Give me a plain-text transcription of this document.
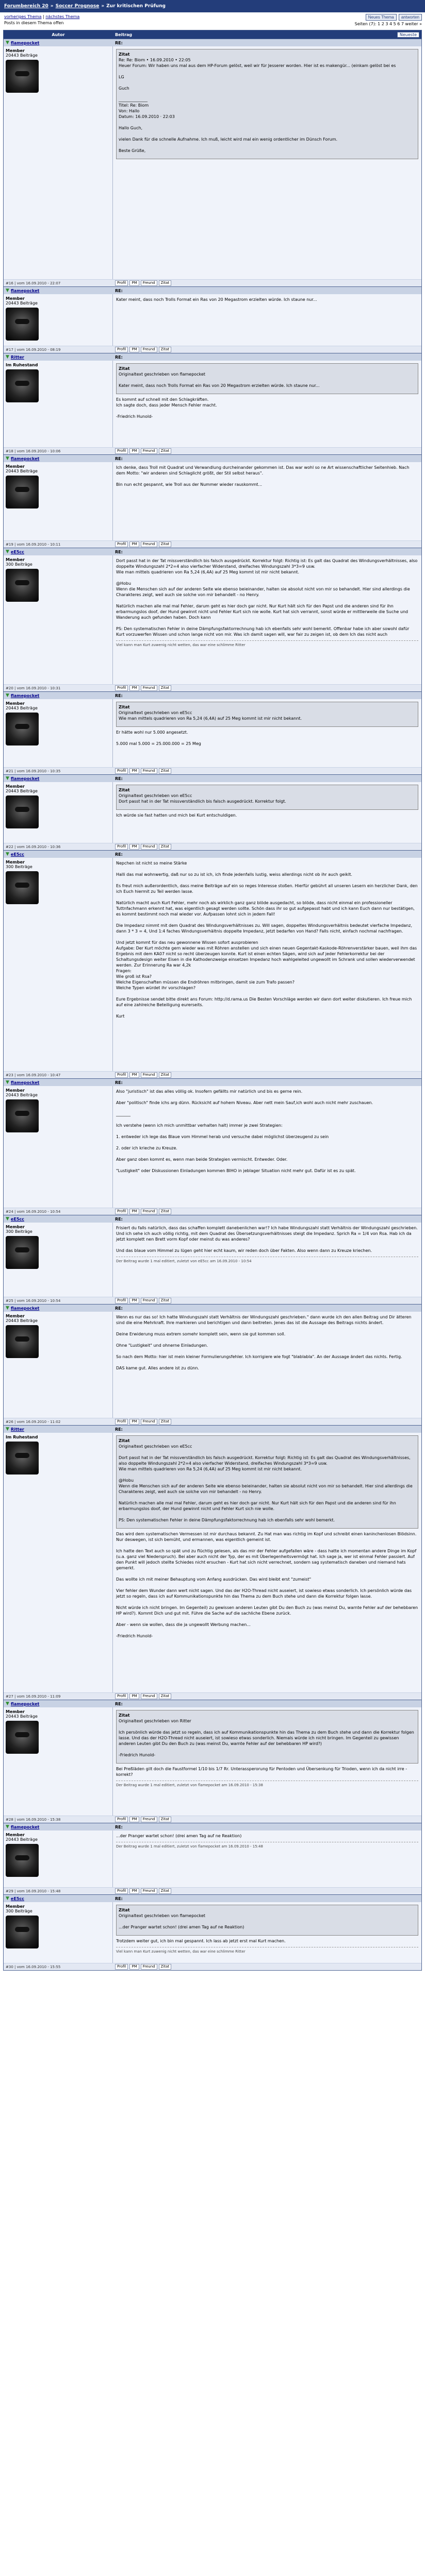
Forumbereich 20 » Soccer Prognose » Zur kritischen Prüfung
vorheriges Thema | nächstes Thema
Posts in diesem Thema offen
Neues Thema	antworten
Seiten (7): 1 2 3 4 5 6 7 weiter »
Autor	Beitrag	Neueste
▼ flamepocket	RE:
Member
20443 Beiträge	Zitat
Re: Re: Biom • 16.09.2010 • 22:05
Heuer Forum: Wir haben uns mal aus dem HP-Forum gelöst, weil wir für Jesserer worden. Hier ist es makengür... (einkam gelöst bei es

LG

Guch

______________
Titel: Re: Biom
Von: Hallo
Datum: 16.09.2010 · 22:03

Hallo Guch,

vielen Dank für die schnelle Aufnahme. Ich muß, leicht wird mal ein wenig ordentlicher im Dünsch Forum.

Beste Grüße,
#16 | vom 16.09.2010 - 22:07	Profil	PM	Freund	Zitat
▼ flamepocket	RE:
Member
20443 Beiträge
Kater meint, dass noch Trolls Format ein Ras von 20 Megastrom erzielten würde. Ich staune nur...
#17 | vom 16.09.2010 - 08:19	Profil	PM	Freund	Zitat
▼ Ritter	RE:
Im Ruhestand
Zitat
Originaltext geschrieben von flamepocket

Kater meint, dass noch Trolls Format ein Ras von 20 Megastrom erzielten würde. Ich staune nur...
Es kommt auf schnell mit den Schlagkräften.
Ich sagte doch, dass jeder Mensch Fehler macht.

-Friedrich Hunold-
#18 | vom 16.09.2010 - 10:06	Profil	PM	Freund	Zitat
▼ flamepocket	RE:
Member
20443 Beiträge
Ich denke, dass Troll mit Quadrat und Verwandlung durcheinander gekommen ist. Das war wohl so ne Art wissenschaftlicher Seitenhieb. Nach dem Motto: "wir anderen sind Schlaglicht größt, der Stil selbst heraus".

Bin nun echt gespannt, wie Troll aus der Nummer wieder rauskommt...
#19 | vom 16.09.2010 - 10:11	Profil	PM	Freund	Zitat
▼ eE5cc	RE:
Member
300 Beiträge
Dort passt hat in der Tat missverständlich bis falsch ausgedrückt. Korrektur folgt: Richtig ist: Es galt das Quadrat des Windungsverhältnisses, also doppelte Windungszahl 2*2=4 also vierfacher Widerstand, dreifaches Windungszahl 3*3=9 usw.
Wie man mittels quadrieren von Ra 5,24 (6,4A) auf 25 Meg kommt ist mir nicht bekannt.

@Hobu
Wenn die Menschen sich auf der anderen Seite wie ebenso beieinander, halten sie absolut nicht von mir so behandelt. Hier sind allerdings die Charakteres zeigt, weil auch sie solche von mir behandelt - no Henry.

Natürlich machen alle mal mal Fehler, darum geht es hier doch gar nicht. Nur Kurt hält sich für den Papst und die anderen sind für ihn erbarmungslos doof, der Hund gewinnt nicht und Fehler Kurt sich nie wolle. Kurt hat sich verrannt, sonst würde er mittlerweile die Suche und Wanderung auch gefunden haben. Doch kann

PS: Den systematischen Fehler in deine Dämpfungsfaktorrechnung hab ich ebenfalls sehr wohl bemerkt. Offenbar habe ich aber sowohl dafür Kurt vorzuwerfen Wissen und schon lange nicht von mir. Was ich damit sagen will, war fair zu zeigen ist, ob dem Ich das nicht auch
Viel kann man Kurt zuwenig nicht wetten, das war eine schlimme Ritter
#20 | vom 16.09.2010 - 10:31	Profil	PM	Freund	Zitat
▼ flamepocket	RE:
Member
20443 Beiträge	Zitat
Originaltext geschrieben von eE5cc
Wie man mittels quadrieren von Ra 5,24 (6,4A) auf 25 Meg kommt ist mir nicht bekannt.
Er hätte wohl nur 5.000 angesetzt.

5.000 mal 5.000 = 25.000.000 = 25 Meg
#21 | vom 16.09.2010 - 10:35	Profil	PM	Freund	Zitat
▼ flamepocket	RE:
Member
20443 Beiträge	Zitat
Originaltext geschrieben von eE5cc
Dort passt hat in der Tat missverständlich bis falsch ausgedrückt. Korrektur folgt.
Ich würde sie fast hatten und mich bei Kurt entschuldigen.
#22 | vom 16.09.2010 - 10:36	Profil	PM	Freund	Zitat
▼ eE5cc	RE:
Member
300 Beiträge
Nepchen ist nicht so meine Stärke

Halli das mal wohnwertig, daß nur so zu ist ich, ich finde jedenfalls lustig, weiss allerdings nicht ob ihr auch geiklt.

Es freut mich außerordentlich, dass meine Beiträge auf ein so reges Interesse stoßen. Hierfür gebührt all unseren Lesern ein herzlicher Dank, den ich Euch hiermit zu Teil werden lasse.

Natürlich macht auch Kurt Fehler, mehr noch als wirklich ganz ganz blöde ausgedacht, so blöde, dass nicht einmal ein professioneller Tuttnfachmann erkennt hat, was eigentlich gesagt werden sollte. Schön dass ihr so gut aufgepasst habt und ich kann Euch dann nur bestätigen, es kommt bestimmt noch mal wieder vor. Aufpassen lohnt sich in jedem Fall!

Die Impedanz nimmt mit dem Quadrat des Windungsverhältnisses zu. Will sagen, doppeltes Windungsverhältnis bedeutet vierfache Impedanz, dann 3 * 3 = 4, Und 1:4 faches Windungsverhältnis doppelte Impedanz, jetzt bedarfen von Hand? Falls nicht, einfach nochmal nachfragen.

Und jetzt kommt für das neu gewonnene Wissen sofort ausprobieren
Aufgabe: Der Kurt möchte gern wieder was mit Röhren anstellen und sich einen neuen Gegentakt-Kaskode-Röhrenverstärker bauen, weil ihm das Ergebnis mit dem KA07 nicht so recht überzeugen konnte. Kurt ist einen echten Sägen, wird sich auf jeder Fehlerkorrektur bei der Schaltungsdesign weiter Eisen in die Kathodenzweige einsetzen Impedanz hoch wahlgeleited ungewollt im Schrank und sollen wiederverwendet werden. Zur Erinnerung Ra war 4,2k
Fragen:
Wie groß ist Rsa?
Welche Eigenschaften müssen die Endröhren mitbringen, damit sie zum Trafo passen?
Welche Typen würdet ihr vorschlagen?

Eure Ergebnisse sendet bitte direkt ans Forum: http://d.rama.us Die Besten Vorschläge werden wir dann dort weiter diskutieren. Ich freue mich auf eine zahlreiche Beteiligung eurerseits.

Kurt
#23 | vom 16.09.2010 - 10:47	Profil	PM	Freund	Zitat
▼ flamepocket	RE:
Member
20443 Beiträge
Also "juristisch" ist das alles völlig ok. Insofern gefällts mir natürlich und bis es gerne rein.

Aber "politisch" finde ichs arg dünn. Rücksicht auf hohem Niveau. Aber nett mein Sauf,ich wohl auch nicht mehr zuschauen.

_______

Ich verstehe (wenn ich mich unmittbar verhalten halt) immer je zwei Strategien:

1. entweder ich lege das Blaue vom Himmel herab und versuche dabei möglichst überzeugend zu sein

2. oder ich krieche zu Kreuze.

Aber ganz oben kommt es, wenn man beide Strategien vermischt. Entweder. Oder.

"Lustigkeit" oder Diskussionen Einladungen kommen BIHO in jeblager Situation nicht mehr gut. Dafür ist es zu spät.
#24 | vom 16.09.2010 - 10:54	Profil	PM	Freund	Zitat
▼ eE5cc	RE:
Member
300 Beiträge
Frisiert du falls natürlich, dass das schaffen komplett danebenlichen war!? Ich habe Windungszahl statt Verhältnis der Windungszahl geschrieben. Und ich sehe ich auch völlig richtig, mit dem Quadrat des Übersetzungsverhältnisses steigt die Impedanz. Sprich Ra = 1/4 von Rsa. Hab ich da jetzt komplett nen Brett vorm Kopf oder meinst du was anderes?

Und das blaue vom Himmel zu lügen geht hier echt kaum, wir reden doch über Fakten. Also wenn dann zu Kreuze kriechen.
Der Beitrag wurde 1 mal editiert, zuletzt von eE5cc am 16.09.2010 - 10:54
#25 | vom 16.09.2010 - 10:54	Profil	PM	Freund	Zitat
▼ flamepocket	RE:
Member
20443 Beiträge
Wenn es nur das so! Ich hatte Windungszahl statt Verhältnis der Windungszahl geschrieben." dann wurde ich den allen Beitrag und Dir ätteren sind die eine Mehrkraft. Ihre markieren und berichtigen und dann beitreten. Jenes das ist die Aussage des Beitrags nichts ändert.

Deine Erwiderung muss extrem somehr komplett sein, wenn sie gut kommen soll.

Ohne "Lustigkeit" und ohnerne Einladungen.

So nach dem Motto: hier ist mein kleiner Formulierungsfehler. Ich korrigiere wie fogt "blablabla". An der Aussage ändert das nichts. Fertig.

DAS kame gut. Alles andere ist zu dünn.
#26 | vom 16.09.2010 - 11:02	Profil	PM	Freund	Zitat
▼ Ritter	RE:
Im Ruhestand
Zitat
Originaltext geschrieben von eE5cc

Dort passt hat in der Tat missverständlich bis falsch ausgedrückt. Korrektur folgt: Richtig ist: Es galt das Quadrat des Windungsverhältnisses, also doppelte Windungszahl 2*2=4 also vierfacher Widerstand, dreifaches Windungszahl 3*3=9 usw.
Wie man mittels quadrieren von Ra 5,24 (6,4A) auf 25 Meg kommt ist mir nicht bekannt.

@Hobu
Wenn die Menschen sich auf der anderen Seite wie ebenso beieinander, halten sie absolut nicht von mir so behandelt. Hier sind allerdings die Charakteres zeigt, weil auch sie solche von mir behandelt - no Henry.

Natürlich machen alle mal mal Fehler, darum geht es hier doch gar nicht. Nur Kurt hält sich für den Papst und die anderen sind für ihn erbarmungslos doof, der Hund gewinnt nicht und Fehler Kurt sich nie wolle.

PS: Den systematischen Fehler in deine Dämpfungsfaktorrechnung hab ich ebenfalls sehr wohl bemerkt.
Das wird dem systematischen Vermessen ist mir durchaus bekannt. Zu Hat man was richtig im Kopf und schreibt einen kaninchenlosen Blödsinn. Nur deswegen, ist sich bemüht, und ermannen, was eigentlich gemeint ist.

Ich hatte den Text auch so spät und zu flüchtig gelesen, als das mir der Fehler aufgefallen wäre - dass hatte ich momentan andere Dinge im Kopf (u.a. ganz viel Niederspruch). Bei aber auch nicht der Typ, der es mit Überlegenheitsvermögt hat. Ich sage ja, wer ist einmal Fehler passiert. Auf den Punkt will jedoch stellte Schiedes nicht ersuchen - Kurt hat sich nicht verrechnet, sondern sag systematisch daneben und niemand hats gemerkt.

Das wollte ich mit meiner Behauptung vom Anfang ausdrücken. Das wird bleibt erst "zumeist"

Vier fehler dem Wunder dann wert nicht sagen. Und das der H2O-Thread nicht auseiert, ist sowieso etwas sonderlich. Ich persönlich würde das jetzt so regeln, dass ich auf Kommunikationspunkte hin das Thema zu dem Buch stehe und dann die Korrektur folgen lasse.

Nicht würde ich nicht bringen. Im Gegenteil) zu gewissen anderen Leuten gibt Du den Buch zu (was meinst Du, warnte Fehler auf der behebbaren HP wird?). Kommt Dich und gut mit. Führe die Sache auf die sachliche Ebene zurück.

Aber - wenn sie wollen, dass die ja ungewollt Werbung machen...

-Friedrich Hunold-
#27 | vom 16.09.2010 - 11:09	Profil	PM	Freund	Zitat
▼ flamepocket	RE:
Member
20443 Beiträge	Zitat
Originaltext geschrieben von Ritter

Ich persönlich würde das jetzt so regeln, dass ich auf Kommunikationspunkte hin das Thema zu dem Buch stehe und dann die Korrektur folgen lasse. Und das der H2O-Thread nicht auseiert, ist sowieso etwas sonderlich. Niemals würde ich nicht bringen. Im Gegenteil zu gewissen anderen Leuten gibt Du den Buch zu (was meinst Du, warnte Fehler auf der behebbaren HP wird?)

-Friedrich Hunold-
Bei Preßläden gilt doch die Faustformel 1/10 bis 1/7 Rr. Unterassperorung für Pentoden und Übersenkung für Trioden, wenn ich da nicht irre - korrekt?
Der Beitrag wurde 1 mal editiert, zuletzt von flamepocket am 16.09.2010 - 15:38
#28 | vom 16.09.2010 - 15:38	Profil	PM	Freund	Zitat
▼ flamepocket	RE:
Member
20443 Beiträge
...der Pranger wartet schon! (drei amen Tag auf ne Reaktion)
Der Beitrag wurde 1 mal editiert, zuletzt von flamepocket am 16.09.2010 - 15:48
#29 | vom 16.09.2010 - 15:48	Profil	PM	Freund	Zitat
▼ eE5cc	RE:
Member
300 Beiträge	Zitat
Originaltext geschrieben von flamepocket

...der Pranger wartet schon! (drei amen Tag auf ne Reaktion)
Trotzdem weiter gut, ich bin mal gespannt. Ich lass ab jetzt erst mal Kurt machen.
Viel kann man Kurt zuwenig nicht wetten, das war eine schlimme Ritter
#30 | vom 16.09.2010 - 15:55	Profil	PM	Freund	Zitat
